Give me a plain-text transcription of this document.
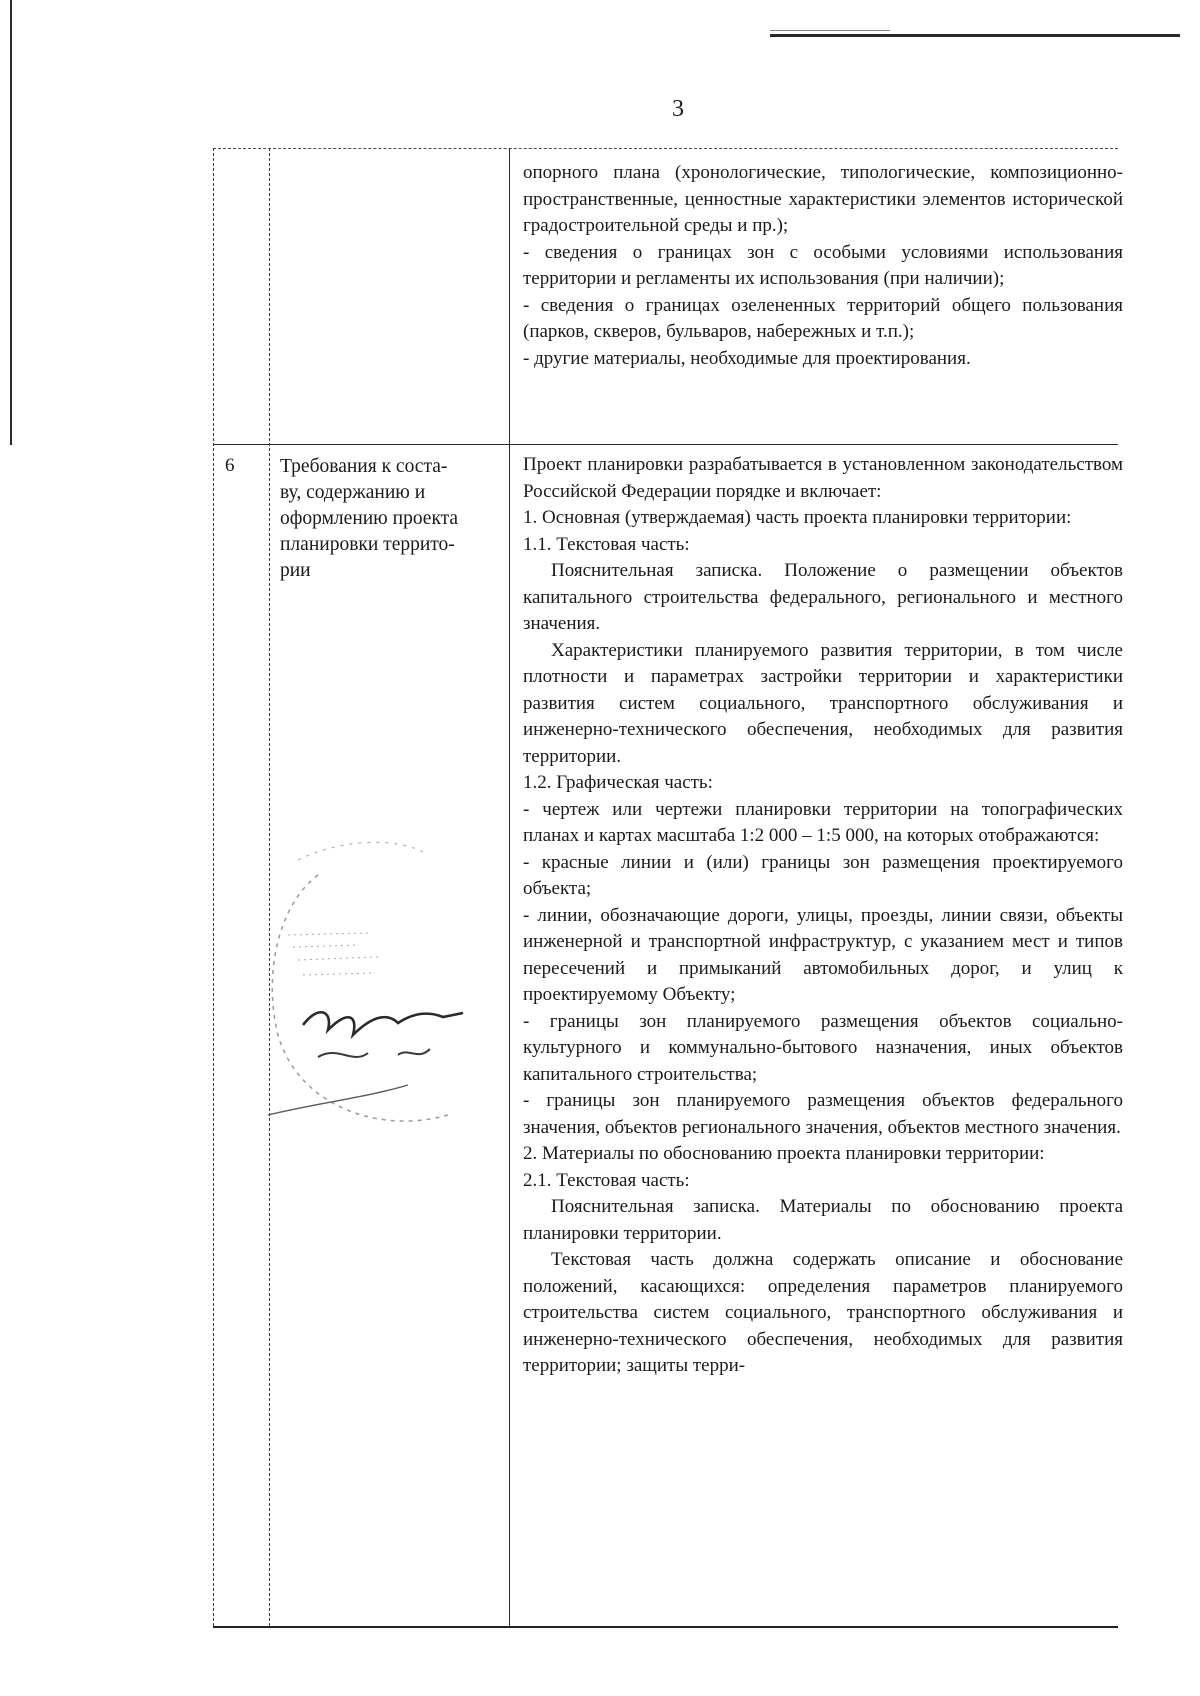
3
опорного плана (хронологические, типологические, композиционно-пространственные, ценностные характеристики элементов исторической градостроительной среды и пр.);
- сведения о границах зон с особыми условиями использования территории и регламенты их использования (при наличии);
- сведения о границах озелененных территорий общего пользования (парков, скверов, бульваров, набережных и т.п.);
- другие материалы, необходимые для проектирования.
6 Требования к соста-
ву, содержанию и
оформлению проекта
планировки террито-
рии
Проект планировки разрабатывается в установленном законодательством Российской Федерации порядке и включает:
1. Основная (утверждаемая) часть проекта планировки территории:
1.1. Текстовая часть:
Пояснительная записка. Положение о размещении объектов капитального строительства федерального, регионального и местного значения.
Характеристики планируемого развития территории, в том числе плотности и параметрах застройки территории и характеристики развития систем социального, транспортного обслуживания и инженерно-технического обеспечения, необходимых для развития территории.
1.2. Графическая часть:
- чертеж или чертежи планировки территории на топографических планах и картах масштаба 1:2 000 – 1:5 000, на которых отображаются:
- красные линии и (или) границы зон размещения проектируемого объекта;
- линии, обозначающие дороги, улицы, проезды, линии связи, объекты инженерной и транспортной инфраструктур, с указанием мест и типов пересечений и примыканий автомобильных дорог, и улиц к проектируемому Объекту;
- границы зон планируемого размещения объектов социально-культурного и коммунально-бытового назначения, иных объектов капитального строительства;
- границы зон планируемого размещения объектов федерального значения, объектов регионального значения, объектов местного значения.
2. Материалы по обоснованию проекта планировки территории:
2.1. Текстовая часть:
Пояснительная записка. Материалы по обоснованию проекта планировки территории.
Текстовая часть должна содержать описание и обоснование положений, касающихся: определения параметров планируемого строительства систем социального, транспортного обслуживания и инженерно-технического обеспечения, необходимых для развития территории; защиты терри-
